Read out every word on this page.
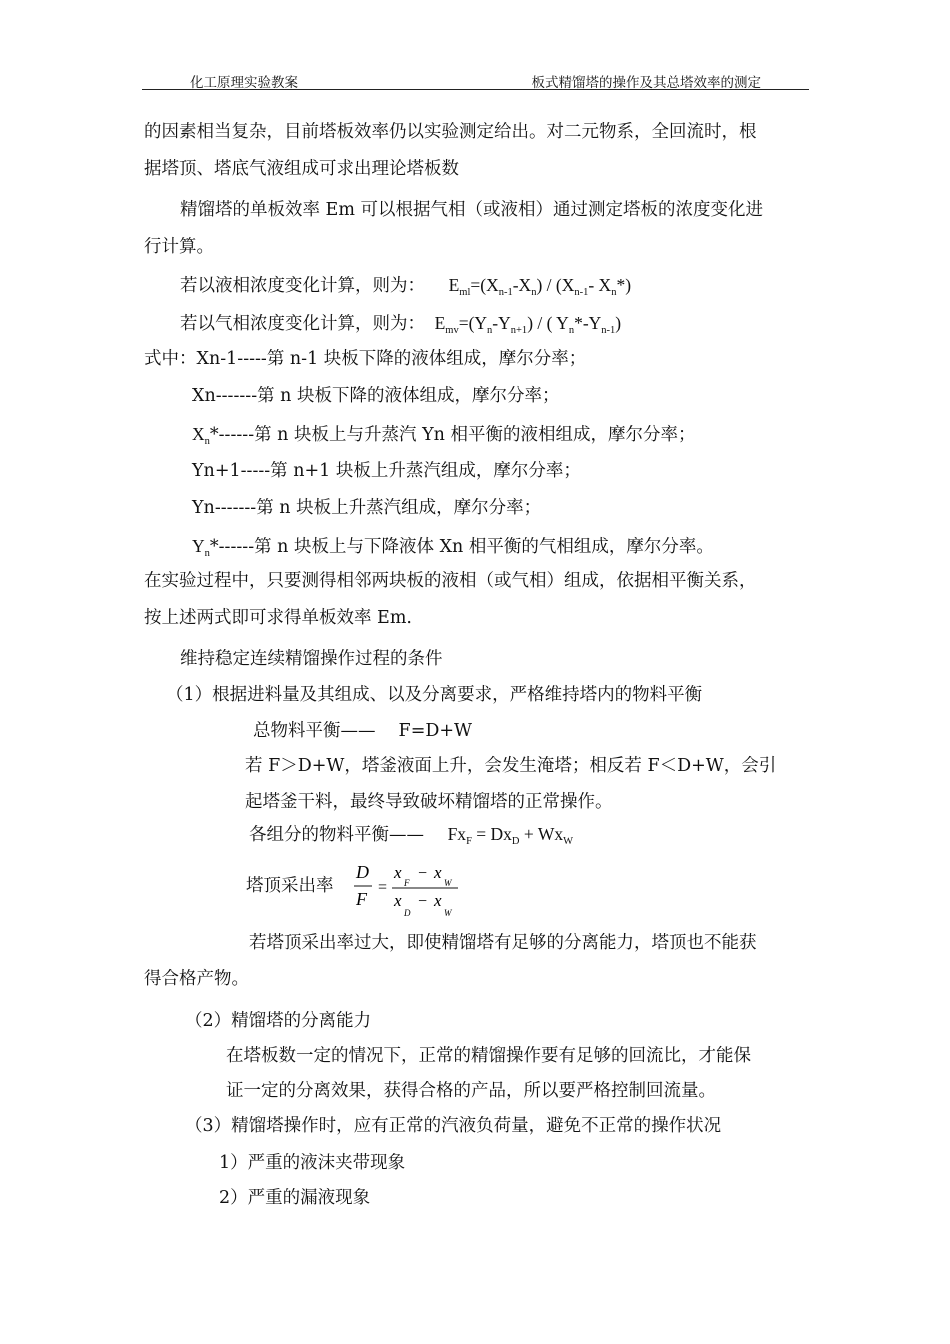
化工原理实验教案	板式精馏塔的操作及其总塔效率的测定
的因素相当复杂，目前塔板效率仍以实验测定给出。对二元物系，全回流时，根
据塔顶、塔底气液组成可求出理论塔板数
精馏塔的单板效率 Em 可以根据气相（或液相）通过测定塔板的浓度变化进
行计算。
若以液相浓度变化计算，则为： $E_{ml}=(X_{n-1}-X_n) / (X_{n-1}-$ $X_n*$)
若以气相浓度变化计算，则为： $E_{mv}=(Y_n-Y_{n+1})$ / ( $Y_n*-Y_{n-1}$)
式中：Xn-1-----第 n-1 块板下降的液体组成，摩尔分率；
Xn-------第 n 块板下降的液体组成，摩尔分率；
$X_n*------$第 n 块板上与升蒸汽 Yn 相平衡的液相组成，摩尔分率；
Yn+1-----第 n+1 块板上升蒸汽组成，摩尔分率；
Yn-------第 n 块板上升蒸汽组成，摩尔分率；
$Y_n*------$第 n 块板上与下降液体 Xn 相平衡的气相组成，摩尔分率。
在实验过程中，只要测得相邻两块板的液相（或气相）组成，依据相平衡关系，
按上述两式即可求得单板效率 Em.
维持稳定连续精馏操作过程的条件
（1）根据进料量及其组成、以及分离要求，严格维持塔内的物料平衡
总物料平衡——　 F=D+W
若 F＞D+W，塔釜液面上升，会发生淹塔；相反若 F＜D+W，会引
起塔釜干料，最终导致破坏精馏塔的正常操作。
各组分的物料平衡—— $Fx_F = Dx_D + Wx_W$
塔顶采出率
D
F
=
x
F
− x
W
x
D
− x
W
若塔顶采出率过大，即使精馏塔有足够的分离能力，塔顶也不能获
得合格产物。
（2）精馏塔的分离能力
在塔板数一定的情况下，正常的精馏操作要有足够的回流比，才能保
证一定的分离效果，获得合格的产品，所以要严格控制回流量。
（3）精馏塔操作时，应有正常的汽液负荷量，避免不正常的操作状况
1）严重的液沫夹带现象
2）严重的漏液现象
